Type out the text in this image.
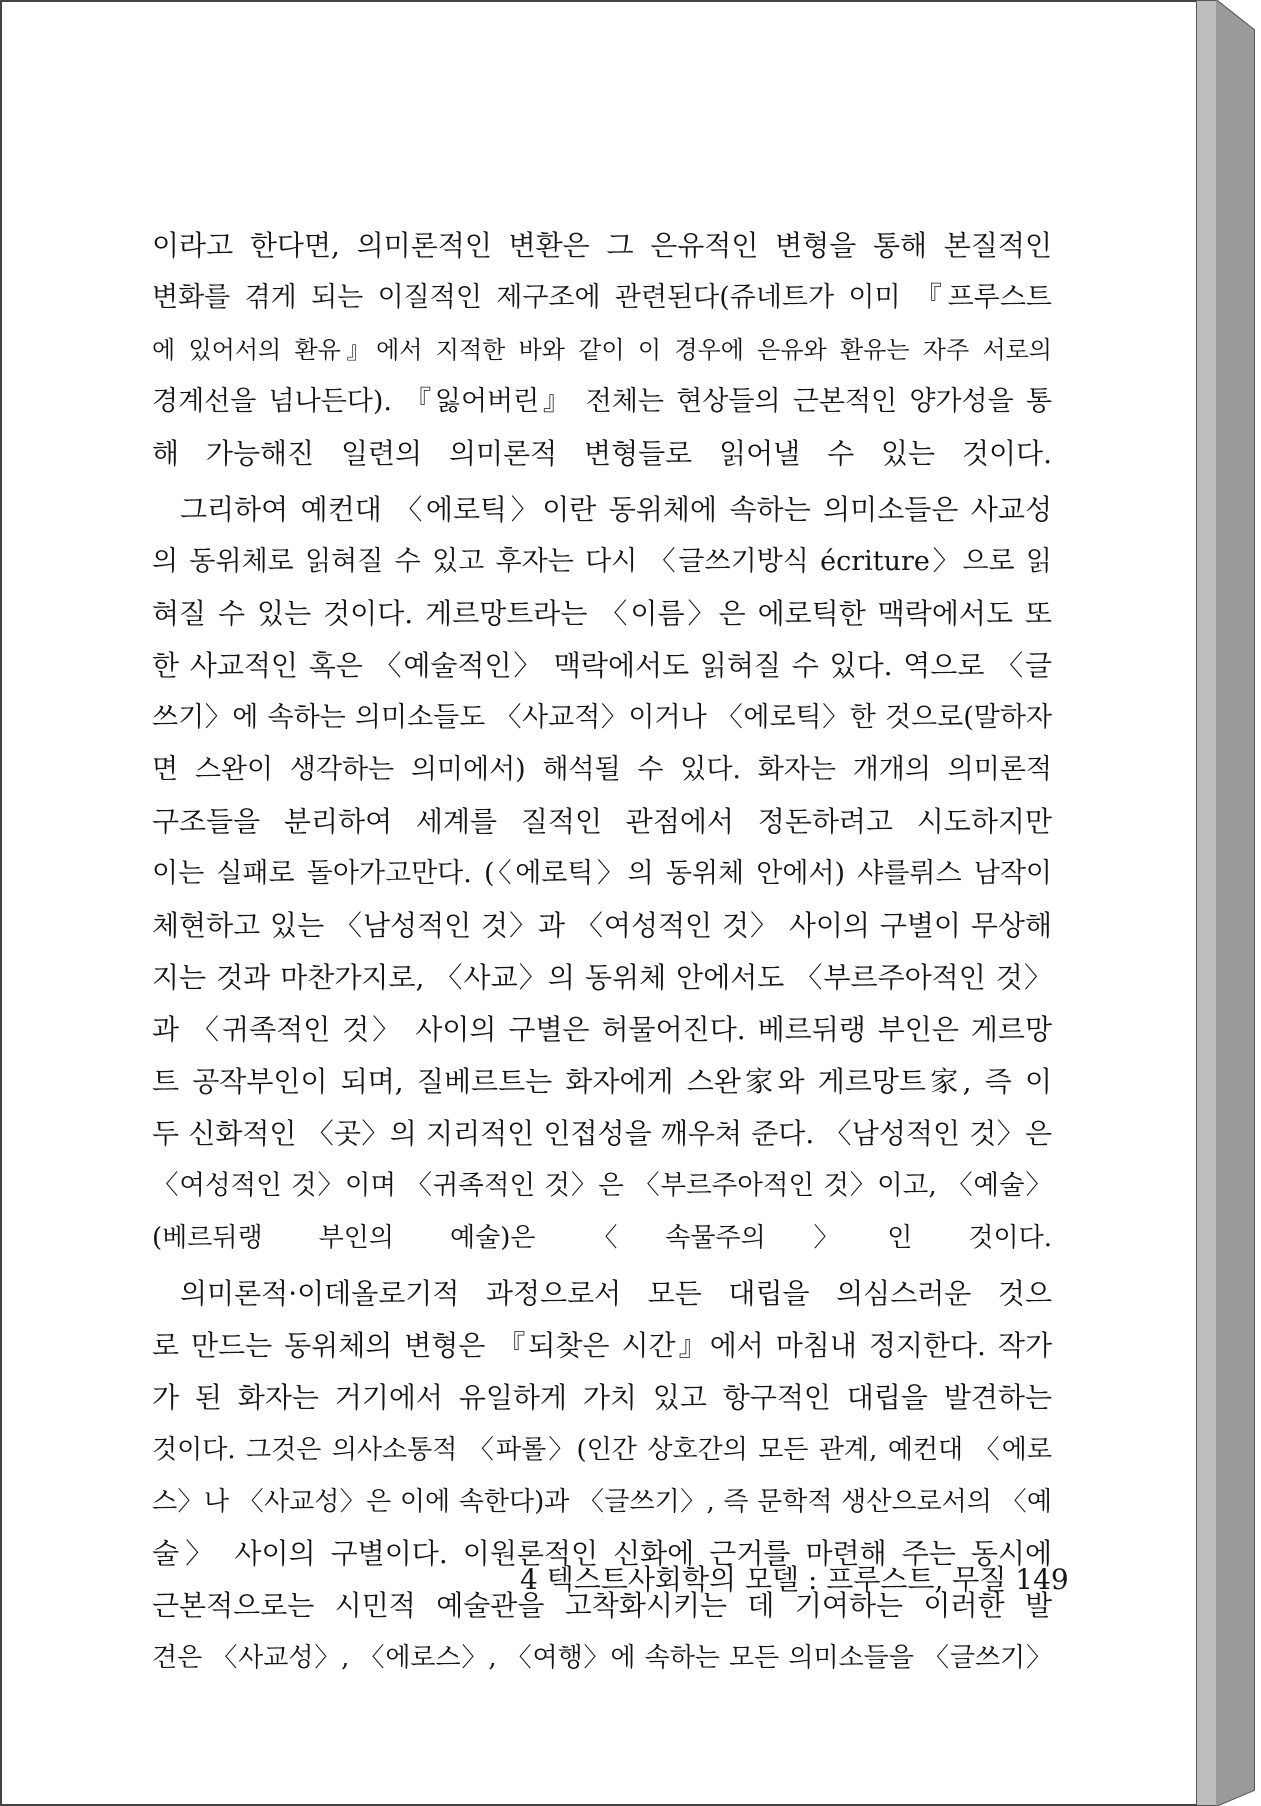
이라고 한다면, 의미론적인 변환은 그 은유적인 변형을 통해 본질적인
변화를 겪게 되는 이질적인 제구조에 관련된다(쥬네트가 이미 『프루스트
에 있어서의 환유』에서 지적한 바와 같이 이 경우에 은유와 환유는 자주 서로의
경계선을 넘나든다). 『잃어버린』 전체는 현상들의 근본적인 양가성을 통
해 가능해진 일련의 의미론적 변형들로 읽어낼 수 있는 것이다.
그리하여 예컨대 〈에로틱〉이란 동위체에 속하는 의미소들은 사교성
의 동위체로 읽혀질 수 있고 후자는 다시 〈글쓰기방식 écriture〉으로 읽
혀질 수 있는 것이다. 게르망트라는 〈이름〉은 에로틱한 맥락에서도 또
한 사교적인 혹은 〈예술적인〉 맥락에서도 읽혀질 수 있다. 역으로 〈글
쓰기〉에 속하는 의미소들도 〈사교적〉이거나 〈에로틱〉한 것으로(말하자
면 스완이 생각하는 의미에서) 해석될 수 있다. 화자는 개개의 의미론적
구조들을 분리하여 세계를 질적인 관점에서 정돈하려고 시도하지만
이는 실패로 돌아가고만다. (〈에로틱〉의 동위체 안에서) 샤를뤼스 남작이
체현하고 있는 〈남성적인 것〉과 〈여성적인 것〉 사이의 구별이 무상해
지는 것과 마찬가지로, 〈사교〉의 동위체 안에서도 〈부르주아적인 것〉
과 〈귀족적인 것〉 사이의 구별은 허물어진다. 베르뒤랭 부인은 게르망
트 공작부인이 되며, 질베르트는 화자에게 스완家와 게르망트家, 즉 이
두 신화적인 〈곳〉의 지리적인 인접성을 깨우쳐 준다. 〈남성적인 것〉은
〈여성적인 것〉이며 〈귀족적인 것〉은 〈부르주아적인 것〉이고, 〈예술〉
(베르뒤랭 부인의 예술)은 〈속물주의〉인 것이다.
의미론적·이데올로기적 과정으로서 모든 대립을 의심스러운 것으
로 만드는 동위체의 변형은 『되찾은 시간』에서 마침내 정지한다. 작가
가 된 화자는 거기에서 유일하게 가치 있고 항구적인 대립을 발견하는
것이다. 그것은 의사소통적 〈파롤〉(인간 상호간의 모든 관계, 예컨대 〈에로
스〉나 〈사교성〉은 이에 속한다)과 〈글쓰기〉, 즉 문학적 생산으로서의 〈예
술〉 사이의 구별이다. 이원론적인 신화에 근거를 마련해 주는 동시에
근본적으로는 시민적 예술관을 고착화시키는 데 기여하는 이러한 발
견은 〈사교성〉, 〈에로스〉, 〈여행〉에 속하는 모든 의미소들을 〈글쓰기〉
4 텍스트사회학의 모델 : 프루스트, 무질 149
